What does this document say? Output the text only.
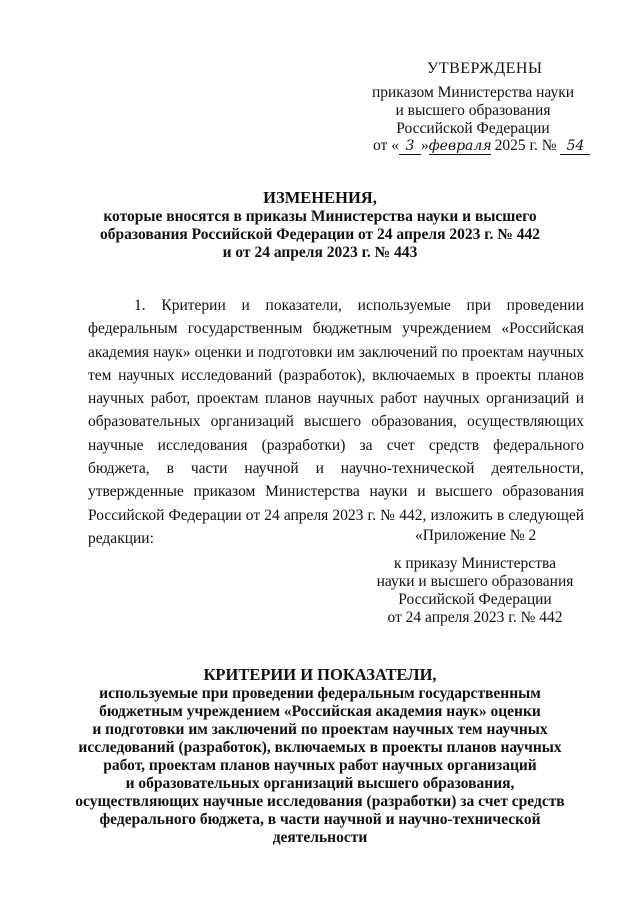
УТВЕРЖДЕНЫ
приказом Министерства науки
и высшего образования
Российской Федерации
от « 3 »февраля 2025 г. № 54
ИЗМЕНЕНИЯ,
которые вносятся в приказы Министерства науки и высшего
образования Российской Федерации от 24 апреля 2023 г. № 442
и от 24 апреля 2023 г. № 443
1. Критерии и показатели, используемые при проведении федеральным государственным бюджетным учреждением «Российская академия наук» оценки и подготовки им заключений по проектам научных тем научных исследований (разработок), включаемых в проекты планов научных работ, проектам планов научных работ научных организаций и образовательных организаций высшего образования, осуществляющих научные исследования (разработки) за счет средств федерального бюджета, в части научной и научно-технической деятельности, утвержденные приказом Министерства науки и высшего образования Российской Федерации от 24 апреля 2023 г. № 442, изложить в следующей редакции:	«Приложение № 2
к приказу Министерства
науки и высшего образования
Российской Федерации
от 24 апреля 2023 г. № 442
КРИТЕРИИ И ПОКАЗАТЕЛИ,
используемые при проведении федеральным государственным
бюджетным учреждением «Российская академия наук» оценки
и подготовки им заключений по проектам научных тем научных
исследований (разработок), включаемых в проекты планов научных
работ, проектам планов научных работ научных организаций
и образовательных организаций высшего образования,
осуществляющих научные исследования (разработки) за счет средств
федерального бюджета, в части научной и научно-технической
деятельности
